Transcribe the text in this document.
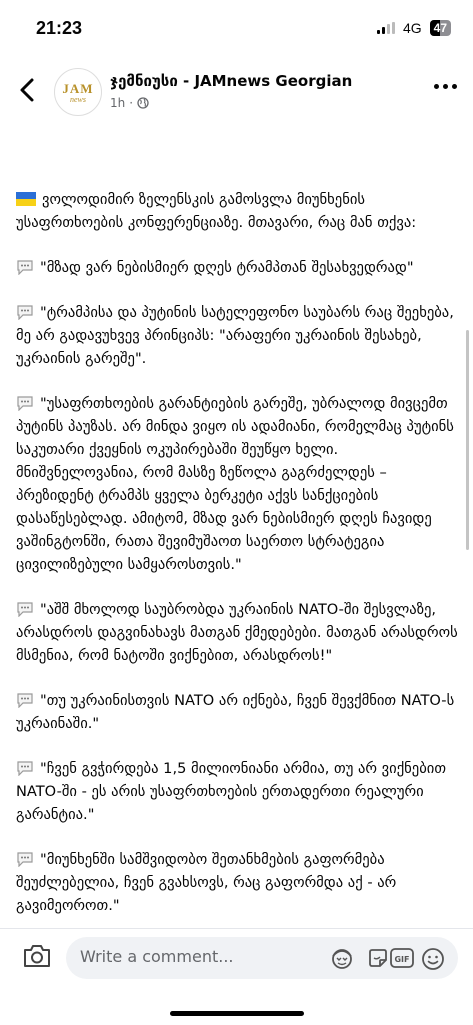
21:23	4G	47
JAM
news
ჯემნიუსი - JAMnews Georgian
1h ·

ვოლოდიმირ ზელენსკის გამოსვლა მიუნხენის უსაფრთხოების კონფერენციაზე. მთავარი, რაც მან თქვა:

"მზად ვარ ნებისმიერ დღეს ტრამპთან შესახვედრად"

"ტრამპისა და პუტინის სატელეფონო საუბარს რაც შეეხება, მე არ გადავუხვევ პრინციპს: "არაფერი უკრაინის შესახებ, უკრაინის გარეშე".

"უსაფრთხოების გარანტიების გარეშე, უბრალოდ მივცემთ პუტინს პაუზას. არ მინდა ვიყო ის ადამიანი, რომელმაც პუტინს საკუთარი ქვეყნის ოკუპირებაში შეუწყო ხელი. მნიშვნელოვანია, რომ მასზე ზეწოლა გაგრძელდეს – პრეზიდენტ ტრამპს ყველა ბერკეტი აქვს სანქციების დასაწესებლად. ამიტომ, მზად ვარ ნებისმიერ დღეს ჩავიდე ვაშინგტონში, რათა შევიმუშაოთ საერთო სტრატეგია ცივილიზებული სამყაროსთვის."

"აშშ მხოლოდ საუბრობდა უკრაინის NATO-ში შესვლაზე, არასდროს დაგვინახავს მათგან ქმედებები. მათგან არასდროს მსმენია, რომ ნატოში ვიქნებით, არასდროს!"

"თუ უკრაინისთვის NATO არ იქნება, ჩვენ შევქმნით NATO-ს უკრაინაში."

"ჩვენ გვჭირდება 1,5 მილიონიანი არმია, თუ არ ვიქნებით NATO-ში - ეს არის უსაფრთხოების ერთადერთი რეალური გარანტია."

"მიუნხენში სამშვიდობო შეთანხმების გაფორმება შეუძლებელია, ჩვენ გვახსოვს, რაც გაფორმდა აქ - არ გავიმეოროთ."

Write a comment...
GIF
